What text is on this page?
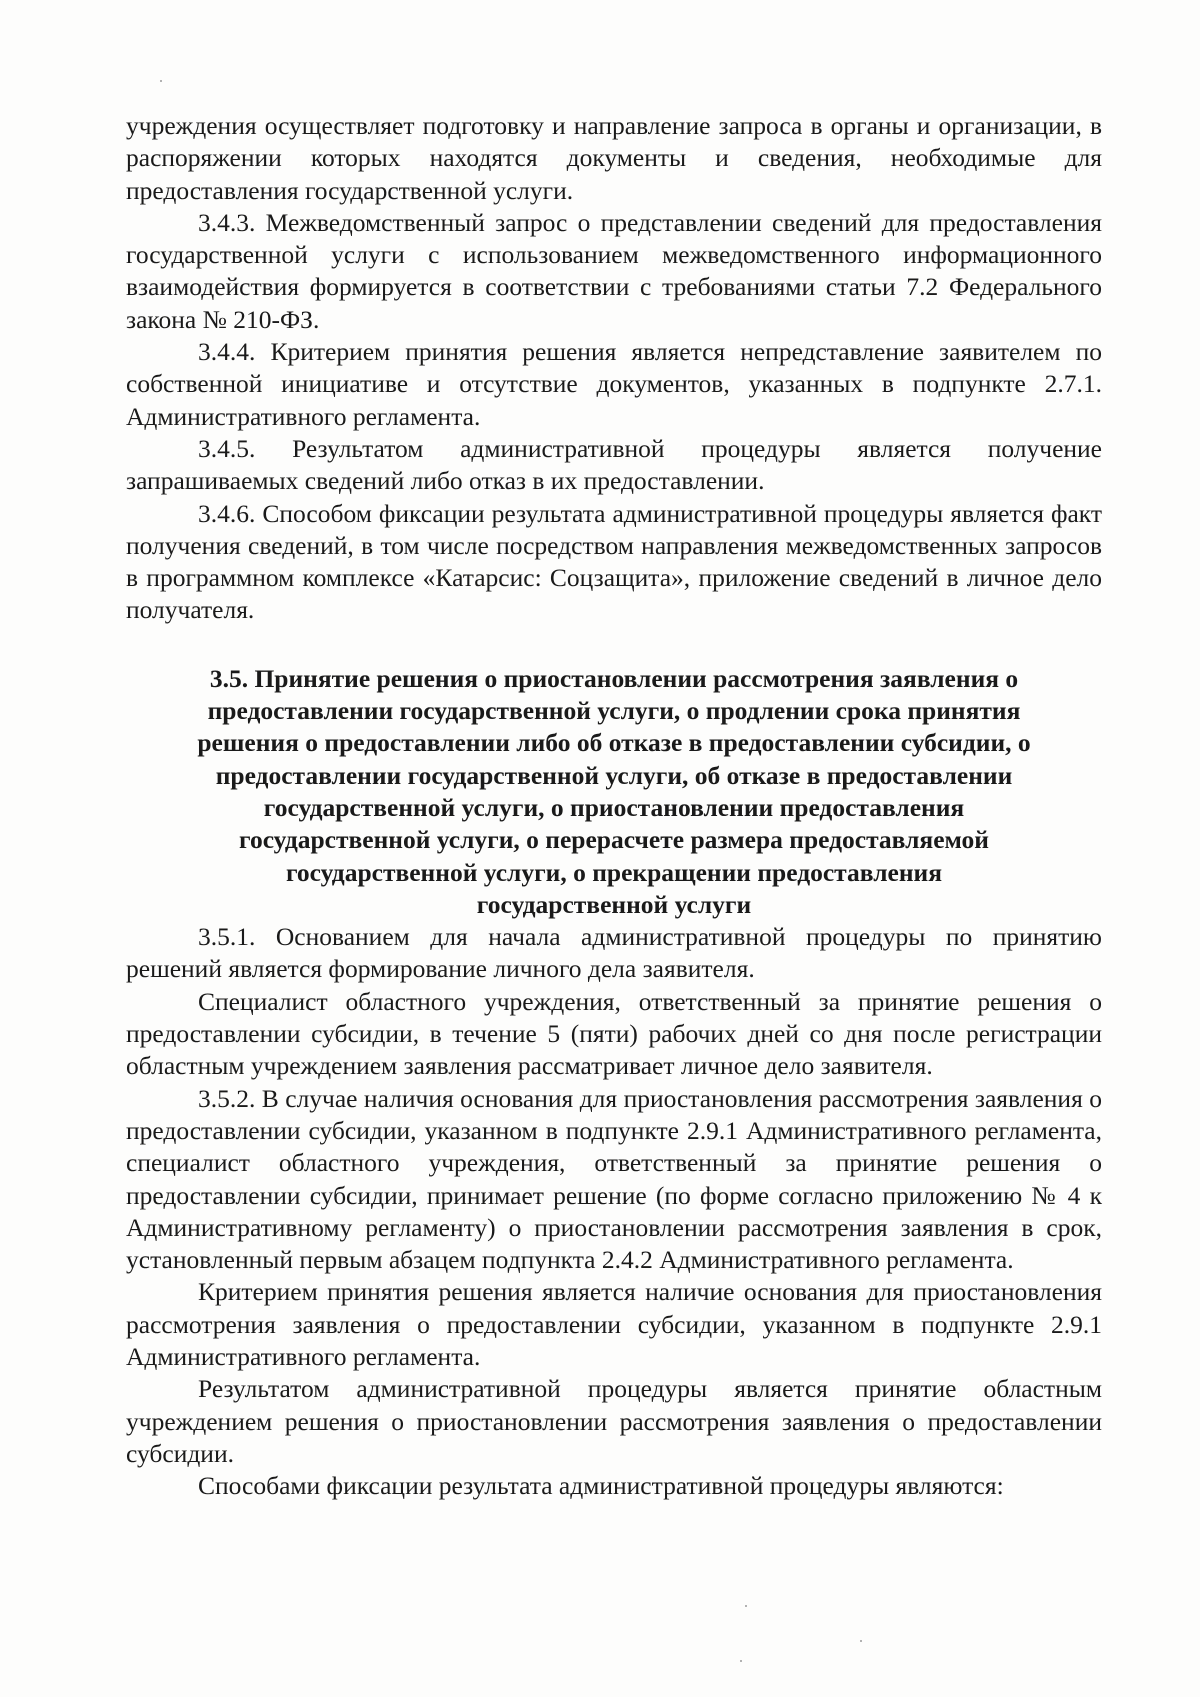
учреждения осуществляет подготовку и направление запроса в органы и организации, в распоряжении которых находятся документы и сведения, необходимые для предоставления государственной услуги.

3.4.3. Межведомственный запрос о представлении сведений для предоставления государственной услуги с использованием межведомственного информационного взаимодействия формируется в соответствии с требованиями статьи 7.2 Федерального закона № 210-ФЗ.

3.4.4. Критерием принятия решения является непредставление заявителем по собственной инициативе и отсутствие документов, указанных в подпункте 2.7.1. Административного регламента.

3.4.5. Результатом административной процедуры является получение запрашиваемых сведений либо отказ в их предоставлении.

3.4.6. Способом фиксации результата административной процедуры является факт получения сведений, в том числе посредством направления межведомственных запросов в программном комплексе «Катарсис: Соцзащита», приложение сведений в личное дело получателя.

3.5. Принятие решения о приостановлении рассмотрения заявления о
предоставлении государственной услуги, о продлении срока принятия
решения о предоставлении либо об отказе в предоставлении субсидии, о
предоставлении государственной услуги, об отказе в предоставлении
государственной услуги, о приостановлении предоставления
государственной услуги, о перерасчете размера предоставляемой
государственной услуги, о прекращении предоставления
государственной услуги

3.5.1. Основанием для начала административной процедуры по принятию решений является формирование личного дела заявителя.

Специалист областного учреждения, ответственный за принятие решения о предоставлении субсидии, в течение 5 (пяти) рабочих дней со дня после регистрации областным учреждением заявления рассматривает личное дело заявителя.

3.5.2. В случае наличия основания для приостановления рассмотрения заявления о предоставлении субсидии, указанном в подпункте 2.9.1 Административного регламента, специалист областного учреждения, ответственный за принятие решения о предоставлении субсидии, принимает решение (по форме согласно приложению № 4 к Административному регламенту) о приостановлении рассмотрения заявления в срок, установленный первым абзацем подпункта 2.4.2 Административного регламента.

Критерием принятия решения является наличие основания для приостановления рассмотрения заявления о предоставлении субсидии, указанном в подпункте 2.9.1 Административного регламента.

Результатом административной процедуры является принятие областным учреждением решения о приостановлении рассмотрения заявления о предоставлении субсидии.

Способами фиксации результата административной процедуры являются:
